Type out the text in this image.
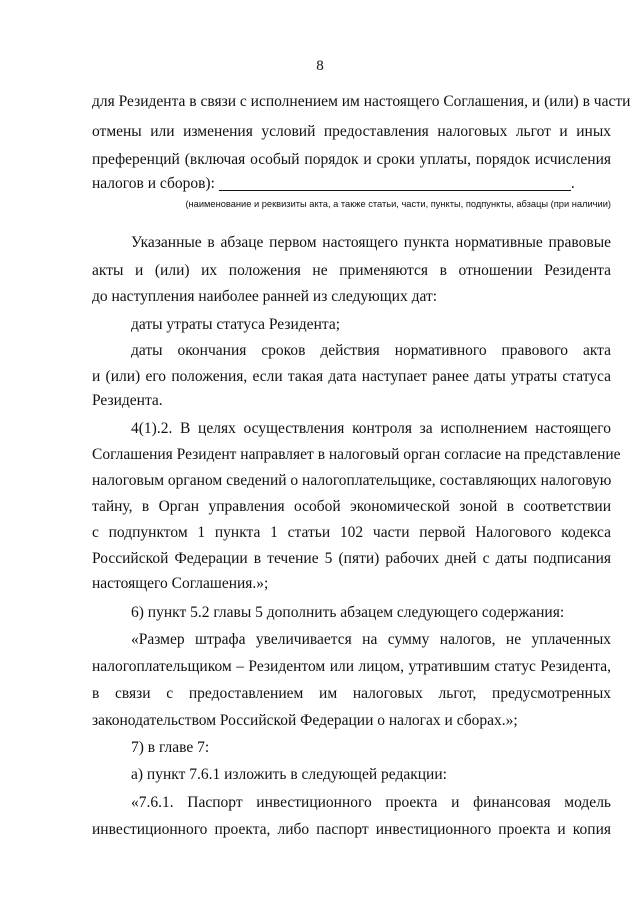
8
для Резидента в связи с исполнением им настоящего Соглашения, и (или) в части
отмены или изменения условий предоставления налоговых льгот и иных
преференций (включая особый порядок и сроки уплаты, порядок исчисления
налогов и сборов):	.
(наименование и реквизиты акта, а также статьи, части, пункты, подпункты, абзацы (при наличии)
Указанные в абзаце первом настоящего пункта нормативные правовые
акты и (или) их положения не применяются в отношении Резидента
до наступления наиболее ранней из следующих дат:
даты утраты статуса Резидента;
даты окончания сроков действия нормативного правового акта
и (или) его положения, если такая дата наступает ранее даты утраты статуса
Резидента.
4(1).2. В целях осуществления контроля за исполнением настоящего
Соглашения Резидент направляет в налоговый орган согласие на представление
налоговым органом сведений о налогоплательщике, составляющих налоговую
тайну, в Орган управления особой экономической зоной в соответствии
с подпунктом 1 пункта 1 статьи 102 части первой Налогового кодекса
Российской Федерации в течение 5 (пяти) рабочих дней с даты подписания
настоящего Соглашения.»;
6) пункт 5.2 главы 5 дополнить абзацем следующего содержания:
«Размер штрафа увеличивается на сумму налогов, не уплаченных
налогоплательщиком – Резидентом или лицом, утратившим статус Резидента,
в связи с предоставлением им налоговых льгот, предусмотренных
законодательством Российской Федерации о налогах и сборах.»;
7) в главе 7:
а) пункт 7.6.1 изложить в следующей редакции:
«7.6.1. Паспорт инвестиционного проекта и финансовая модель
инвестиционного проекта, либо паспорт инвестиционного проекта и копия
